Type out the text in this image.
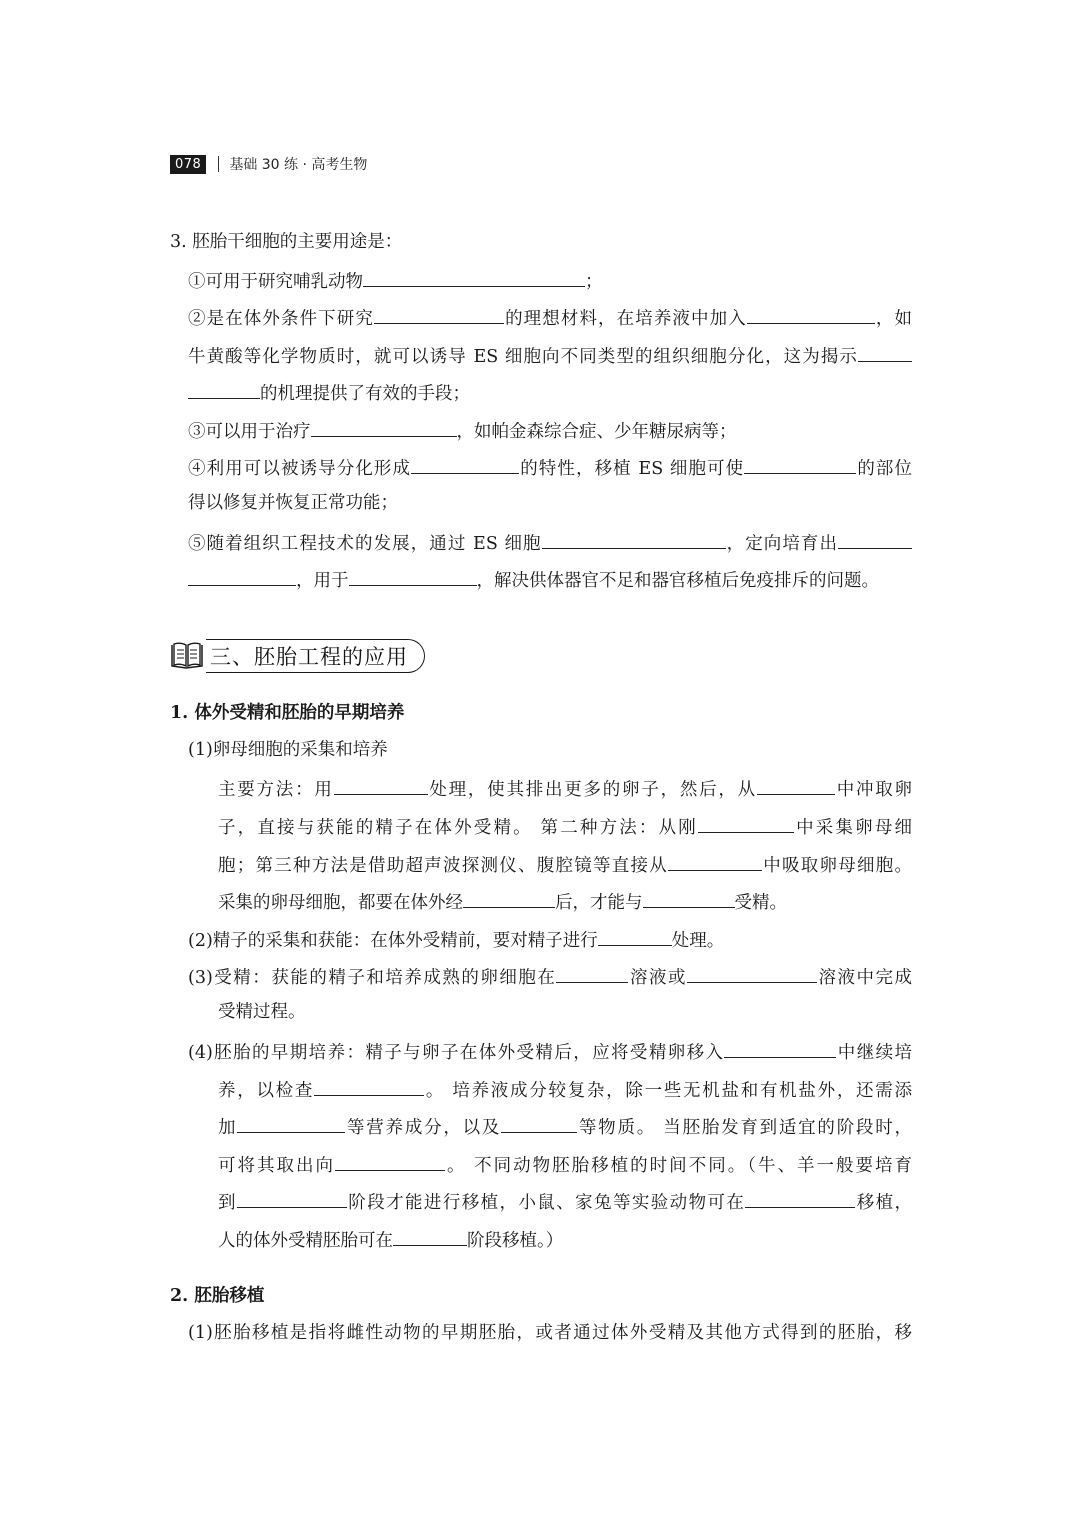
078	基础 30 练 · 高考生物
3. 胚胎干细胞的主要用途是：
①可用于研究哺乳动物	；
②是在体外条件下研究	的理想材料，在培养液中加入	，如
牛黄酸等化学物质时，就可以诱导 ES 细胞向不同类型的组织细胞分化，这为揭示
的机理提供了有效的手段；
③可以用于治疗	，如帕金森综合症、少年糖尿病等；
④利用可以被诱导分化形成	的特性，移植 ES 细胞可使	的部位
得以修复并恢复正常功能；
⑤随着组织工程技术的发展，通过 ES 细胞	，定向培育出
，用于	，解决供体器官不足和器官移植后免疫排斥的问题。
三、胚胎工程的应用
1. 体外受精和胚胎的早期培养
(1)卵母细胞的采集和培养
主要方法：用	处理，使其排出更多的卵子，然后，从	中冲取卵
子，直接与获能的精子在体外受精。 第二种方法：从刚	中采集卵母细
胞；第三种方法是借助超声波探测仪、腹腔镜等直接从	中吸取卵母细胞。
采集的卵母细胞，都要在体外经	后，才能与	受精。
(2)精子的采集和获能：在体外受精前，要对精子进行	处理。
(3)受精：获能的精子和培养成熟的卵细胞在	溶液或	溶液中完成
受精过程。
(4)胚胎的早期培养：精子与卵子在体外受精后，应将受精卵移入	中继续培
养，以检查	。 培养液成分较复杂，除一些无机盐和有机盐外，还需添
加	等营养成分，以及	等物质。 当胚胎发育到适宜的阶段时，
可将其取出向	。 不同动物胚胎移植的时间不同。（牛、羊一般要培育
到	阶段才能进行移植，小鼠、家兔等实验动物可在	移植，
人的体外受精胚胎可在	阶段移植。）
2. 胚胎移植
(1)胚胎移植是指将雌性动物的早期胚胎，或者通过体外受精及其他方式得到的胚胎，移
